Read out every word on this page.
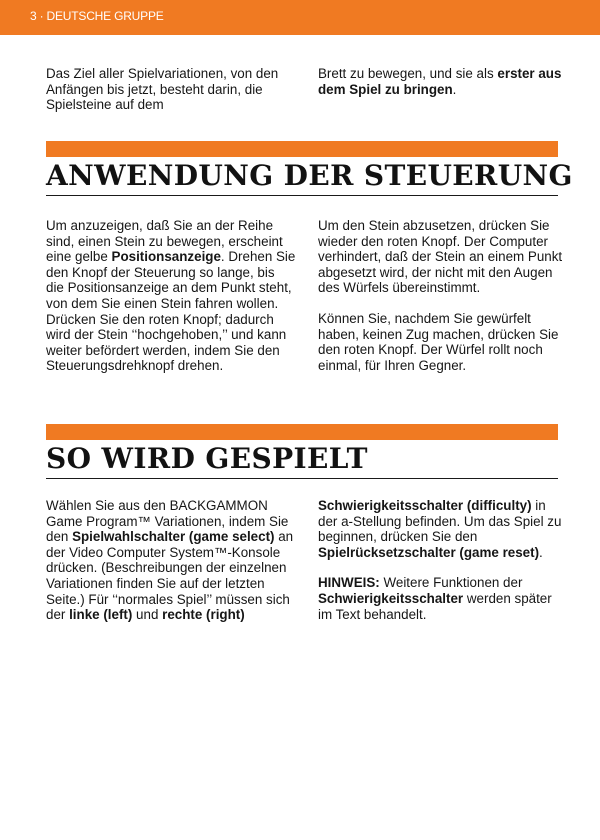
3 · DEUTSCHE GRUPPE

Das Ziel aller Spielvariationen, von den Anfängen bis jetzt, besteht darin, die Spielsteine auf dem

Brett zu bewegen, und sie als erster aus dem Spiel zu bringen.

ANWENDUNG DER STEUERUNG

Um anzuzeigen, daß Sie an der Reihe sind, einen Stein zu bewegen, erscheint eine gelbe Positionsanzeige. Drehen Sie den Knopf der Steuerung so lange, bis die Positionsanzeige an dem Punkt steht, von dem Sie einen Stein fahren wollen. Drücken Sie den roten Knopf; dadurch wird der Stein ‘‘hochgehoben,’’ und kann weiter befördert werden, indem Sie den Steuerungsdrehknopf drehen.

Um den Stein abzusetzen, drücken Sie wieder den roten Knopf. Der Computer verhindert, daß der Stein an einem Punkt abgesetzt wird, der nicht mit den Augen des Würfels übereinstimmt.

Können Sie, nachdem Sie gewürfelt haben, keinen Zug machen, drücken Sie den roten Knopf. Der Würfel rollt noch einmal, für Ihren Gegner.

SO WIRD GESPIELT

Wählen Sie aus den BACKGAMMON Game Program™ Variationen, indem Sie den Spielwahlschalter (game select) an der Video Computer System™-Konsole drücken. (Beschreibungen der einzelnen Variationen finden Sie auf der letzten Seite.) Für ‘‘normales Spiel’’ müssen sich der linke (left) und rechte (right)

Schwierigkeitsschalter (difficulty) in der a-Stellung befinden. Um das Spiel zu beginnen, drücken Sie den Spielrücksetzschalter (game reset).

HINWEIS: Weitere Funktionen der Schwierigkeitsschalter werden später im Text behandelt.
